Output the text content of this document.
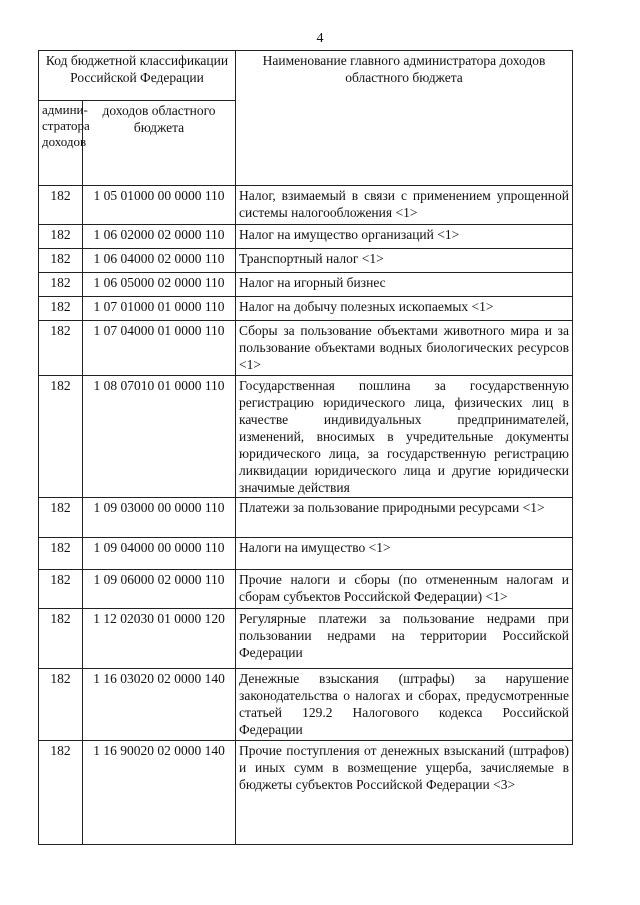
4
Код бюджетной классификации Российской Федерации		Наименование главного администратора доходов областного бюджета
админи-стратора доходов	доходов областного бюджета	
182	1 05 01000 00 0000 110	Налог, взимаемый в связи с применением упрощенной системы налогообложения <1>
182	1 06 02000 02 0000 110	Налог на имущество организаций <1>
182	1 06 04000 02 0000 110	Транспортный налог <1>
182	1 06 05000 02 0000 110	Налог на игорный бизнес
182	1 07 01000 01 0000 110	Налог на добычу полезных ископаемых <1>
182	1 07 04000 01 0000 110	Сборы за пользование объектами животного мира и за пользование объектами водных биологических ресурсов <1>
182	1 08 07010 01 0000 110	Государственная пошлина за государственную регистрацию юридического лица, физических лиц в качестве индивидуальных предпринимателей, изменений, вносимых в учредительные документы юридического лица, за государственную регистрацию ликвидации юридического лица и другие юридически значимые действия
182	1 09 03000 00 0000 110	Платежи за пользование природными ресурсами <1>
182	1 09 04000 00 0000 110	Налоги на имущество <1>
182	1 09 06000 02 0000 110	Прочие налоги и сборы (по отмененным налогам и сборам субъектов Российской Федерации) <1>
182	1 12 02030 01 0000 120	Регулярные платежи за пользование недрами при пользовании недрами на территории Российской Федерации
182	1 16 03020 02 0000 140	Денежные взыскания (штрафы) за нарушение законодательства о налогах и сборах, предусмотренные статьей 129.2 Налогового кодекса Российской Федерации
182	1 16 90020 02 0000 140	Прочие поступления от денежных взысканий (штрафов) и иных сумм в возмещение ущерба, зачисляемые в бюджеты субъектов Российской Федерации <3>
